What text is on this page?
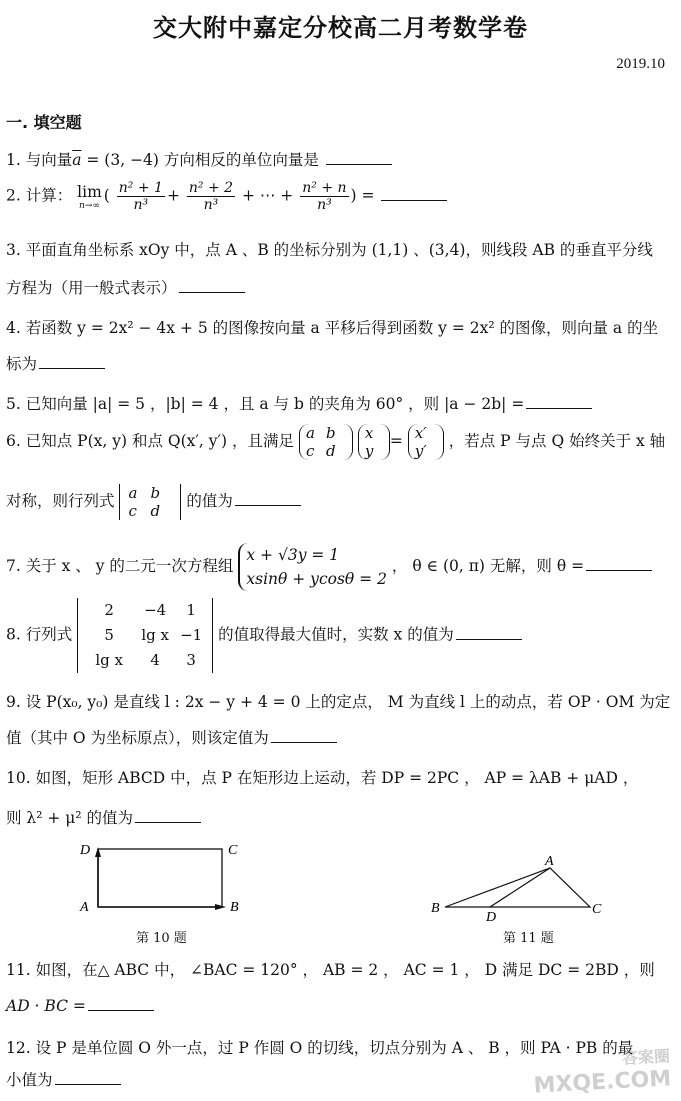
交大附中嘉定分校高二月考数学卷
2019.10
一. 填空题
1. 与向量$\overline{a} = (3$, −4) 方向相反的单位向量是
2. 计算： lim
n→∞
( $\frac{\text{n² + 1}}{\text{n³}} + \frac{\text{n² + 2}}{\text{n³}}$ + ⋯ + $\frac{\text{n² + n}}{\text{n³}}$ ) =
3. 平面直角坐标系 xOy 中，点 A 、B 的坐标分别为 (1,1) 、(3,4)，则线段 AB 的垂直平分线
方程为（用一般式表示）
4. 若函数 y = 2x² − 4x + 5 的图像按向量 a 平移后得到函数 y = 2x² 的图像，则向量 a 的坐
标为
5. 已知向量 |a| = 5 ，|b| = 4 ，且 a 与 b 的夹角为 60° ，则 |a − 2b| =
6. 已知点 P(x, y) 和点 Q(x′, y′) ，且满足 a b
c d

x
y
= x′
y′
，若点 P 与点 Q 始终关于 x 轴
对称，则行列式 a b
c d
的值为
7. 关于 x 、 y 的二元一次方程组
x + √3y = 1
xsinθ + ycosθ = 2
， θ ∈ (0, π) 无解，则 θ =
8. 行列式
2	−4	1
5	lg x −1
lg x	4	3
的值取得最大值时，实数 x 的值为
9. 设 P(x₀, y₀) 是直线 l : 2x − y + 4 = 0 上的定点， M 为直线 l 上的动点，若 OP · OM 为定
值（其中 O 为坐标原点），则该定值为
10. 如图，矩形 ABCD 中，点 P 在矩形边上运动，若 DP = 2PC ， AP = λAB + μAD ，
则 λ² + μ² 的值为
D	C
A	B
A
B
D
C
第 10 题	第 11 题
11. 如图，在△ ABC 中， ∠BAC = 120° ， AB = 2 ， AC = 1 ， D 满足 DC = 2BD ，则
AD · BC =
12. 设 P 是单位圆 O 外一点，过 P 作圆 O 的切线，切点分别为 A 、 B ，则 PA · PB 的最
小值为
答案圈
MXQE.COM
